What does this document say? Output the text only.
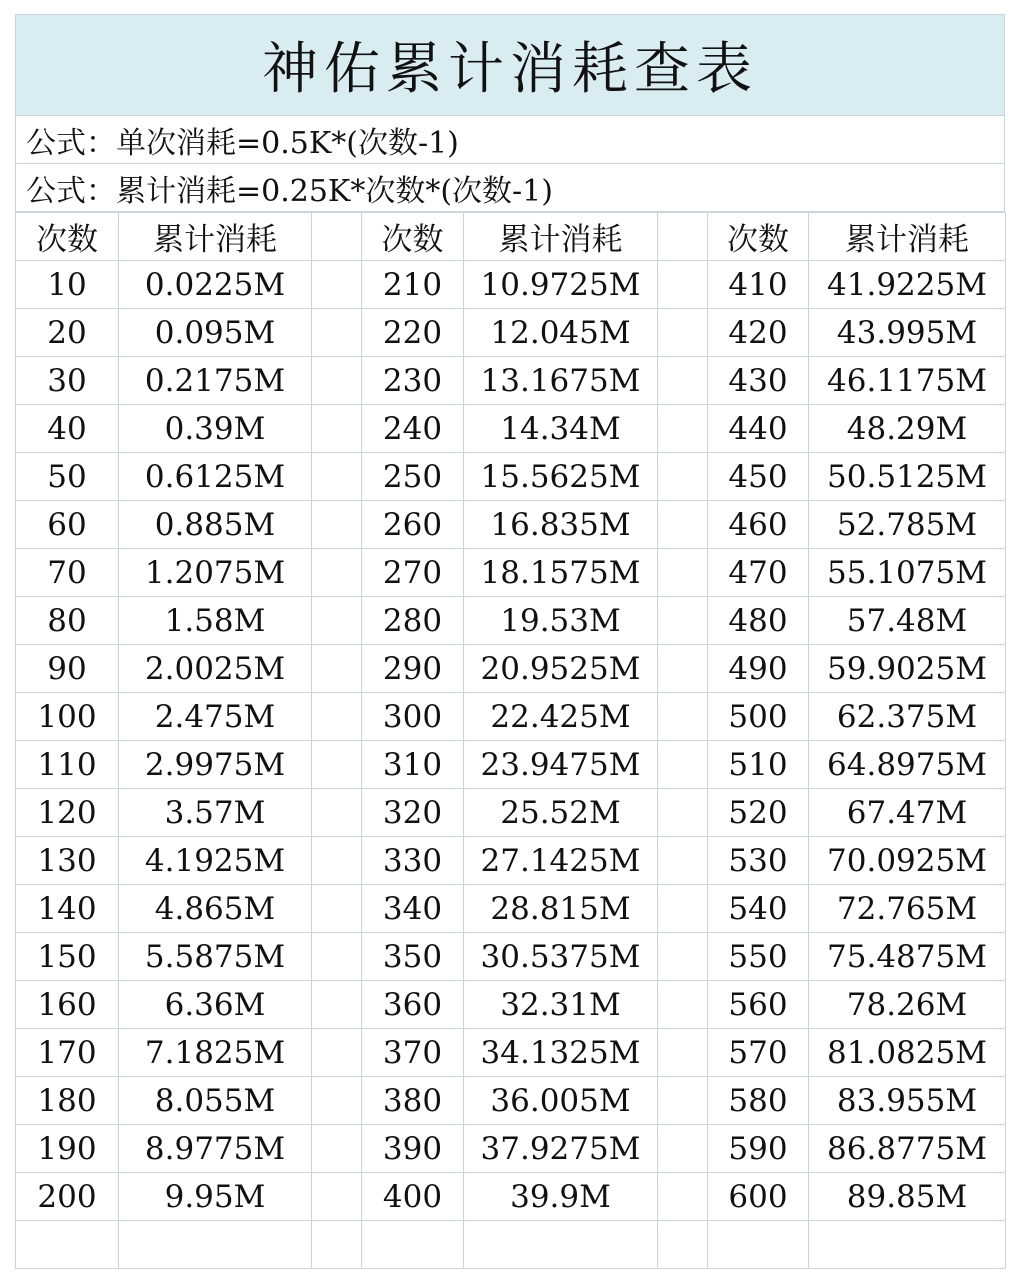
神佑累计消耗查表
公式：单次消耗=0.5K*(次数-1)
公式：累计消耗=0.25K*次数*(次数-1)
次数	累计消耗		次数	累计消耗		次数	累计消耗
10	0.0225M		210	10.9725M		410	41.9225M
20	0.095M		220	12.045M		420	43.995M
30	0.2175M		230	13.1675M		430	46.1175M
40	0.39M		240	14.34M		440	48.29M
50	0.6125M		250	15.5625M		450	50.5125M
60	0.885M		260	16.835M		460	52.785M
70	1.2075M		270	18.1575M		470	55.1075M
80	1.58M		280	19.53M		480	57.48M
90	2.0025M		290	20.9525M		490	59.9025M
100	2.475M		300	22.425M		500	62.375M
110	2.9975M		310	23.9475M		510	64.8975M
120	3.57M		320	25.52M		520	67.47M
130	4.1925M		330	27.1425M		530	70.0925M
140	4.865M		340	28.815M		540	72.765M
150	5.5875M		350	30.5375M		550	75.4875M
160	6.36M		360	32.31M		560	78.26M
170	7.1825M		370	34.1325M		570	81.0825M
180	8.055M		380	36.005M		580	83.955M
190	8.9775M		390	37.9275M		590	86.8775M
200	9.95M		400	39.9M		600	89.85M
